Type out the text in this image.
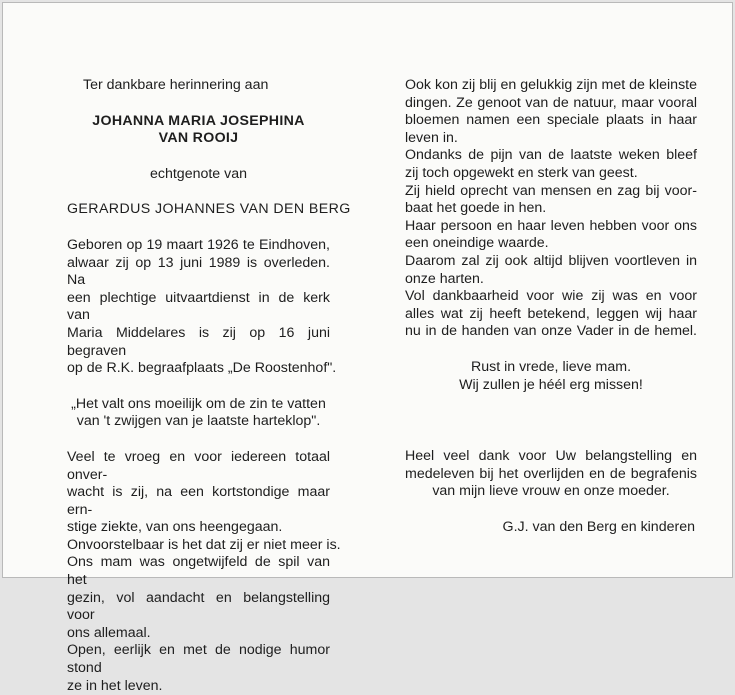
Ter dankbare herinnering aan
JOHANNA MARIA JOSEPHINA
VAN ROOIJ
echtgenote van
GERARDUS JOHANNES VAN DEN BERG
Geboren op 19 maart 1926 te Eindhoven,
alwaar zij op 13 juni 1989 is overleden. Na
een plechtige uitvaartdienst in de kerk van
Maria Middelares is zij op 16 juni begraven
op de R.K. begraafplaats „De Roostenhof".
„Het valt ons moeilijk om de zin te vatten
van 't zwijgen van je laatste harteklop".
Veel te vroeg en voor iedereen totaal onver-
wacht is zij, na een kortstondige maar ern-
stige ziekte, van ons heengegaan.
Onvoorstelbaar is het dat zij er niet meer is.
Ons mam was ongetwijfeld de spil van het
gezin, vol aandacht en belangstelling voor
ons allemaal.
Open, eerlijk en met de nodige humor stond
ze in het leven.
Ook kon zij blij en gelukkig zijn met de kleinste
dingen. Ze genoot van de natuur, maar vooral
bloemen namen een speciale plaats in haar
leven in.
Ondanks de pijn van de laatste weken bleef
zij toch opgewekt en sterk van geest.
Zij hield oprecht van mensen en zag bij voor-
baat het goede in hen.
Haar persoon en haar leven hebben voor ons
een oneindige waarde.
Daarom zal zij ook altijd blijven voortleven in
onze harten.
Vol dankbaarheid voor wie zij was en voor
alles wat zij heeft betekend, leggen wij haar
nu in de handen van onze Vader in de hemel.
Rust in vrede, lieve mam.
Wij zullen je héél erg missen!
Heel veel dank voor Uw belangstelling en
medeleven bij het overlijden en de begrafenis
van mijn lieve vrouw en onze moeder.
G.J. van den Berg en kinderen
